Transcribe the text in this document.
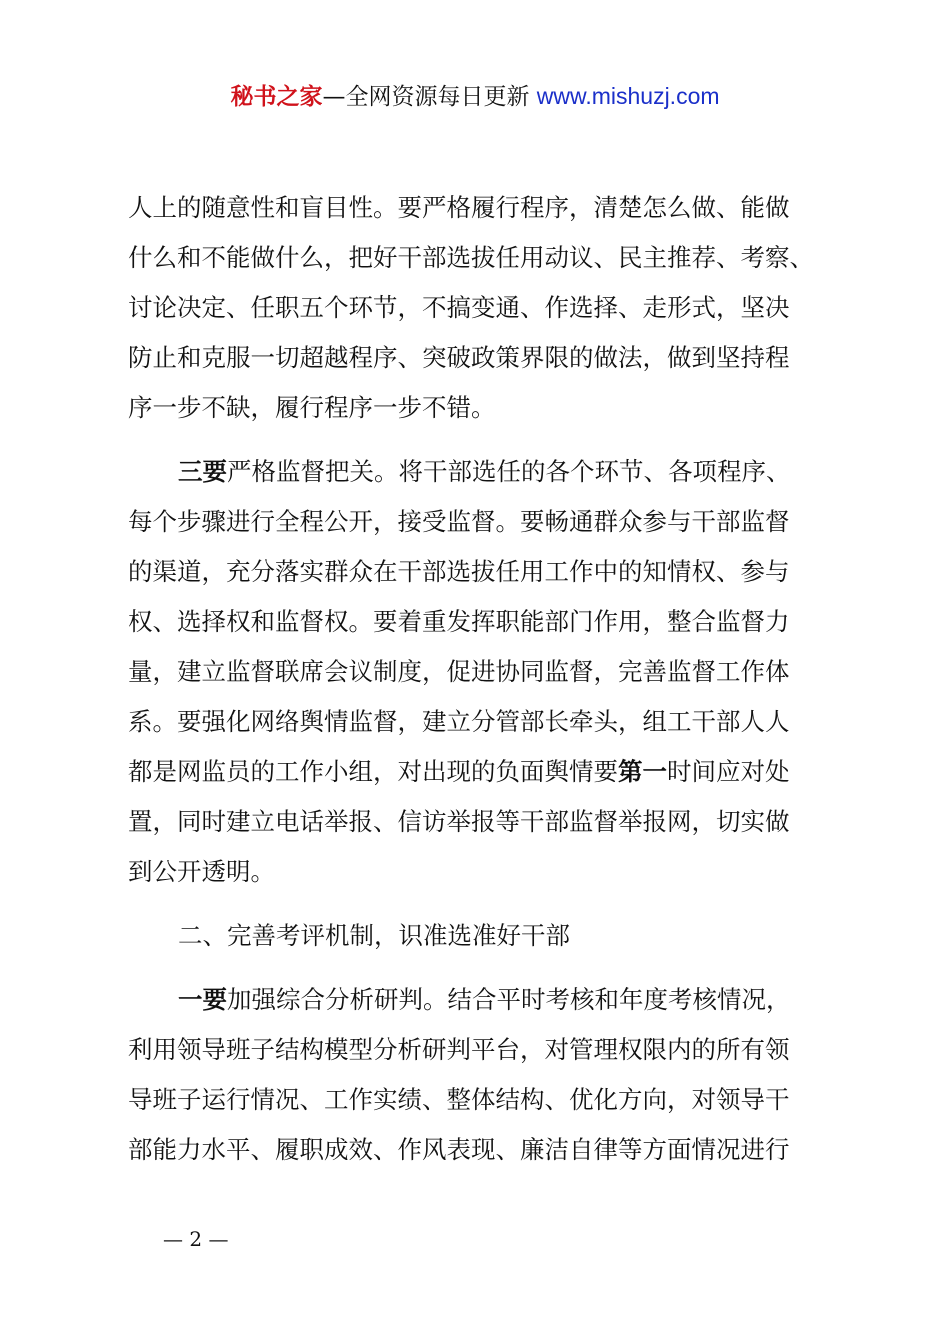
秘书之家—全网资源每日更新 www.mishuzj.com
人上的随意性和盲目性。要严格履行程序，清楚怎么做、能做
什么和不能做什么，把好干部选拔任用动议、民主推荐、考察、
讨论决定、任职五个环节，不搞变通、作选择、走形式，坚决
防止和克服一切超越程序、突破政策界限的做法，做到坚持程
序一步不缺，履行程序一步不错。
三要严格监督把关。将干部选任的各个环节、各项程序、
每个步骤进行全程公开，接受监督。要畅通群众参与干部监督
的渠道，充分落实群众在干部选拔任用工作中的知情权、参与
权、选择权和监督权。要着重发挥职能部门作用，整合监督力
量，建立监督联席会议制度，促进协同监督，完善监督工作体
系。要强化网络舆情监督，建立分管部长牵头，组工干部人人
都是网监员的工作小组，对出现的负面舆情要第一时间应对处
置，同时建立电话举报、信访举报等干部监督举报网，切实做
到公开透明。
二、完善考评机制，识准选准好干部
一要加强综合分析研判。结合平时考核和年度考核情况，
利用领导班子结构模型分析研判平台，对管理权限内的所有领
导班子运行情况、工作实绩、整体结构、优化方向，对领导干
部能力水平、履职成效、作风表现、廉洁自律等方面情况进行
— 2 —
